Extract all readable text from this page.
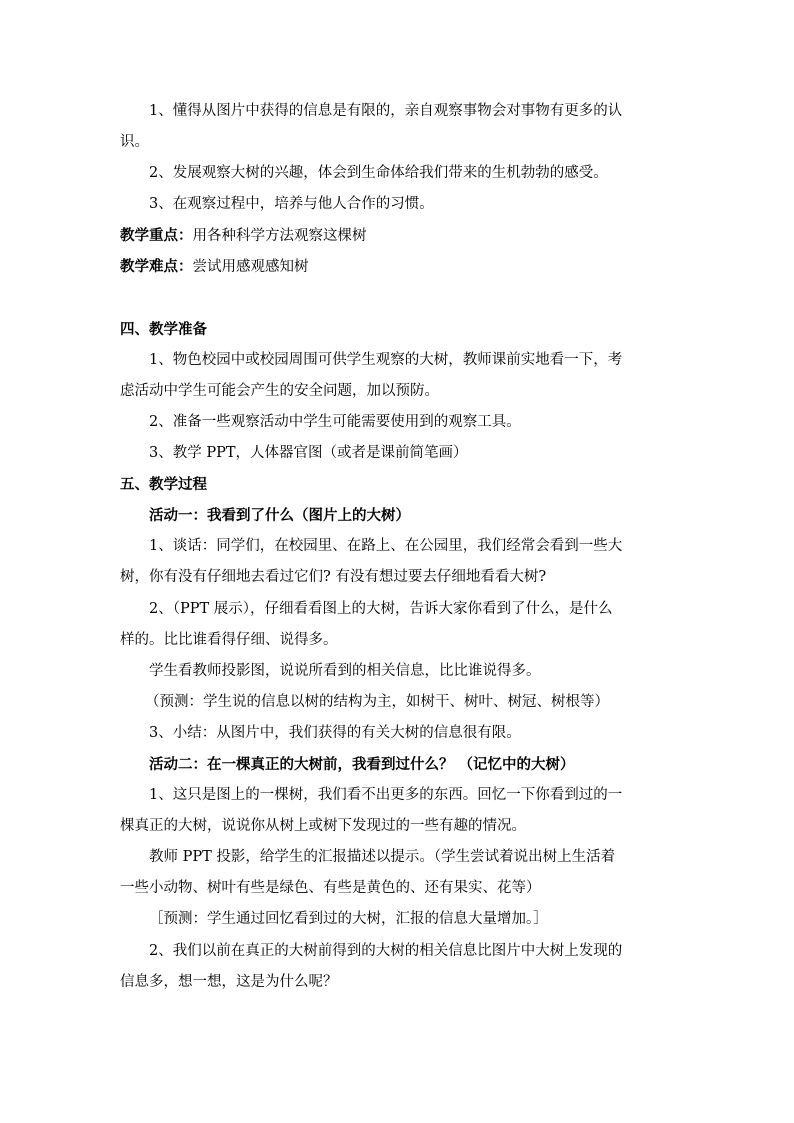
1、懂得从图片中获得的信息是有限的，亲自观察事物会对事物有更多的认
识。
2、发展观察大树的兴趣，体会到生命体给我们带来的生机勃勃的感受。
3、在观察过程中，培养与他人合作的习惯。
教学重点：用各种科学方法观察这棵树
教学难点：尝试用感观感知树
四、教学准备
1、物色校园中或校园周围可供学生观察的大树，教师课前实地看一下，考
虑活动中学生可能会产生的安全问题，加以预防。
2、准备一些观察活动中学生可能需要使用到的观察工具。
3、教学 PPT，人体器官图（或者是课前简笔画）
五、教学过程
活动一：我看到了什么（图片上的大树）
1、谈话：同学们，在校园里、在路上、在公园里，我们经常会看到一些大
树，你有没有仔细地去看过它们? 有没有想过要去仔细地看看大树?
2、（PPT 展示），仔细看看图上的大树，告诉大家你看到了什么，是什么
样的。比比谁看得仔细、说得多。
学生看教师投影图，说说所看到的相关信息，比比谁说得多。
（预测：学生说的信息以树的结构为主，如树干、树叶、树冠、树根等）
3、小结：从图片中，我们获得的有关大树的信息很有限。
活动二：在一棵真正的大树前，我看到过什么？ （记忆中的大树）
1、这只是图上的一棵树，我们看不出更多的东西。回忆一下你看到过的一
棵真正的大树，说说你从树上或树下发现过的一些有趣的情况。
教师 PPT 投影，给学生的汇报描述以提示。（学生尝试着说出树上生活着
一些小动物、树叶有些是绿色、有些是黄色的、还有果实、花等）
［预测：学生通过回忆看到过的大树，汇报的信息大量增加。］
2、我们以前在真正的大树前得到的大树的相关信息比图片中大树上发现的
信息多，想一想，这是为什么呢？
